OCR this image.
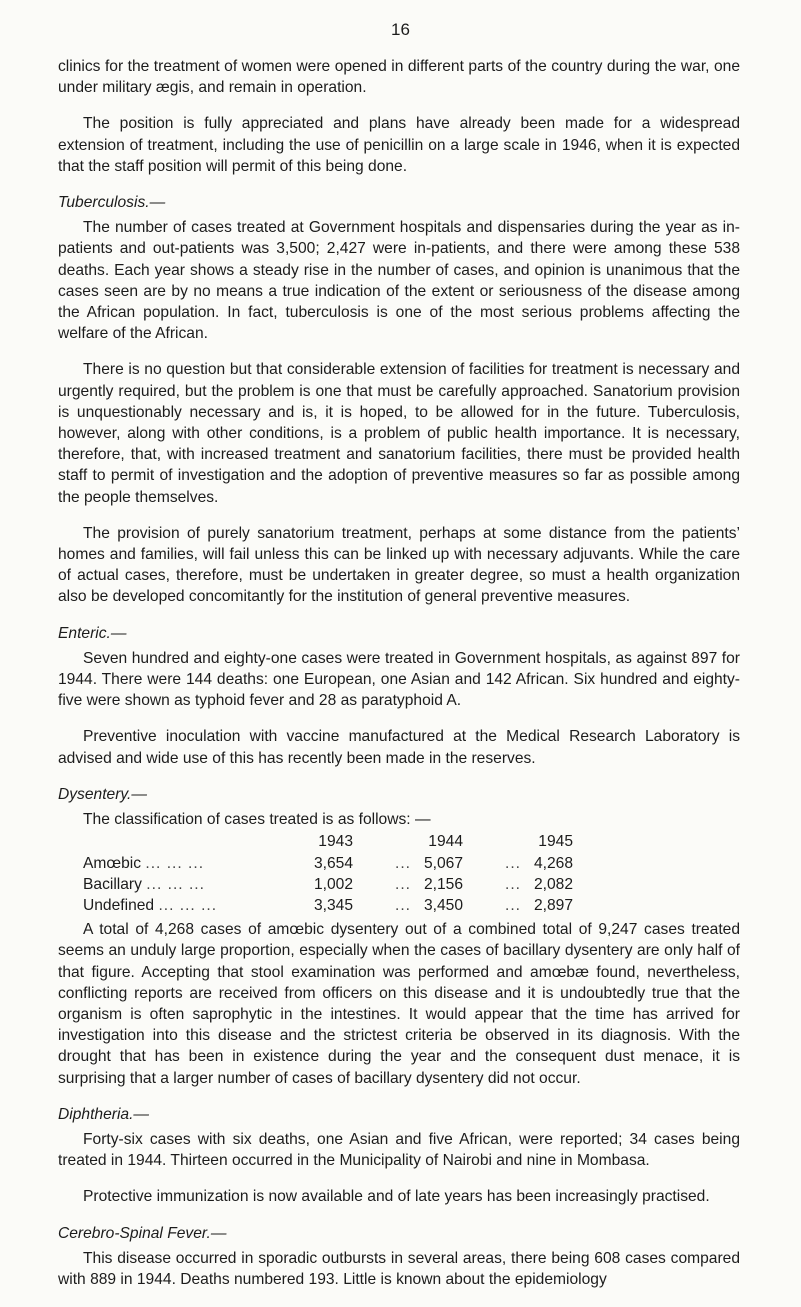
16

clinics for the treatment of women were opened in different parts of the country during the war, one under military ægis, and remain in operation.

The position is fully appreciated and plans have already been made for a widespread extension of treatment, including the use of penicillin on a large scale in 1946, when it is expected that the staff position will permit of this being done.

Tuberculosis.—

The number of cases treated at Government hospitals and dispensaries during the year as in-patients and out-patients was 3,500; 2,427 were in-patients, and there were among these 538 deaths. Each year shows a steady rise in the number of cases, and opinion is unanimous that the cases seen are by no means a true indication of the extent or seriousness of the disease among the African population. In fact, tuberculosis is one of the most serious problems affecting the welfare of the African.

There is no question but that considerable extension of facilities for treatment is necessary and urgently required, but the problem is one that must be carefully approached. Sanatorium provision is unquestionably necessary and is, it is hoped, to be allowed for in the future. Tuberculosis, however, along with other conditions, is a problem of public health importance. It is necessary, therefore, that, with increased treatment and sanatorium facilities, there must be provided health staff to permit of investigation and the adoption of preventive measures so far as possible among the people themselves.

The provision of purely sanatorium treatment, perhaps at some distance from the patients’ homes and families, will fail unless this can be linked up with necessary adjuvants. While the care of actual cases, therefore, must be undertaken in greater degree, so must a health organization also be developed concomitantly for the institution of general preventive measures.

Enteric.—

Seven hundred and eighty-one cases were treated in Government hospitals, as against 897 for 1944. There were 144 deaths: one European, one Asian and 142 African. Six hundred and eighty-five were shown as typhoid fever and 28 as paratyphoid A.

Preventive inoculation with vaccine manufactured at the Medical Research Laboratory is advised and wide use of this has recently been made in the reserves.

Dysentery.—
The classification of cases treated is as follows: —
	1943	1944	1945
Amœbic ... ... ...	3,654	... 5,067	... 4,268
Bacillary ... ... ...	1,002	... 2,156	... 2,082
Undefined ... ... ...	3,345	... 3,450	... 2,897

A total of 4,268 cases of amœbic dysentery out of a combined total of 9,247 cases treated seems an unduly large proportion, especially when the cases of bacillary dysentery are only half of that figure. Accepting that stool examination was performed and amœbæ found, nevertheless, conflicting reports are received from officers on this disease and it is undoubtedly true that the organism is often saprophytic in the intestines. It would appear that the time has arrived for investigation into this disease and the strictest criteria be observed in its diagnosis. With the drought that has been in existence during the year and the consequent dust menace, it is surprising that a larger number of cases of bacillary dysentery did not occur.

Diphtheria.—

Forty-six cases with six deaths, one Asian and five African, were reported; 34 cases being treated in 1944. Thirteen occurred in the Municipality of Nairobi and nine in Mombasa.

Protective immunization is now available and of late years has been increasingly practised.

Cerebro-Spinal Fever.—

This disease occurred in sporadic outbursts in several areas, there being 608 cases compared with 889 in 1944. Deaths numbered 193. Little is known about the epidemiology
